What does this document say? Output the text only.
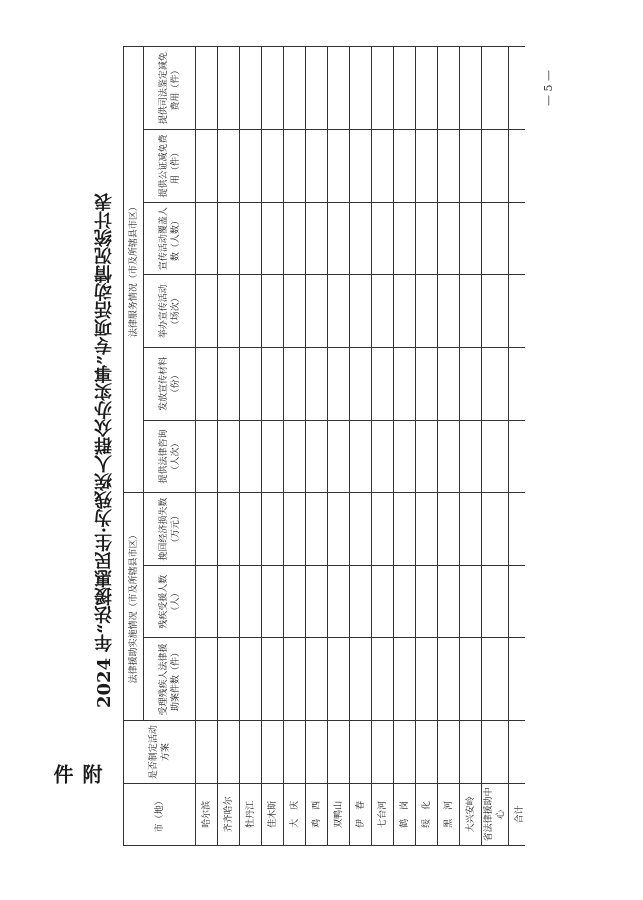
附件
2024 年“法援惠民生·为残疾人群众办实事”专项活动情况统计表
— 5 —
市（地）	是否制定活动方案	法律援助实施情况（市及所辖县市区）			法律服务情况（市及所辖县市区）					
		受理残疾人法律援助案件数（件）	残疾受援人数（人）	挽回经济损失数（万元）	提供法律咨询（人次）	发放宣传材料（份）	举办宣传活动（场次）	宣传活动覆盖人数（人数）	提供公证减免费用（件）	提供司法鉴定减免费用（件）
哈尔滨										
齐齐哈尔										
牡丹江										
佳木斯										
大　庆										
鸡　西										
双鸭山										
伊　春										
七台河										
鹤　岗										
绥　化										
黑　河										
大兴安岭										
省法律援助中心										
合计										
